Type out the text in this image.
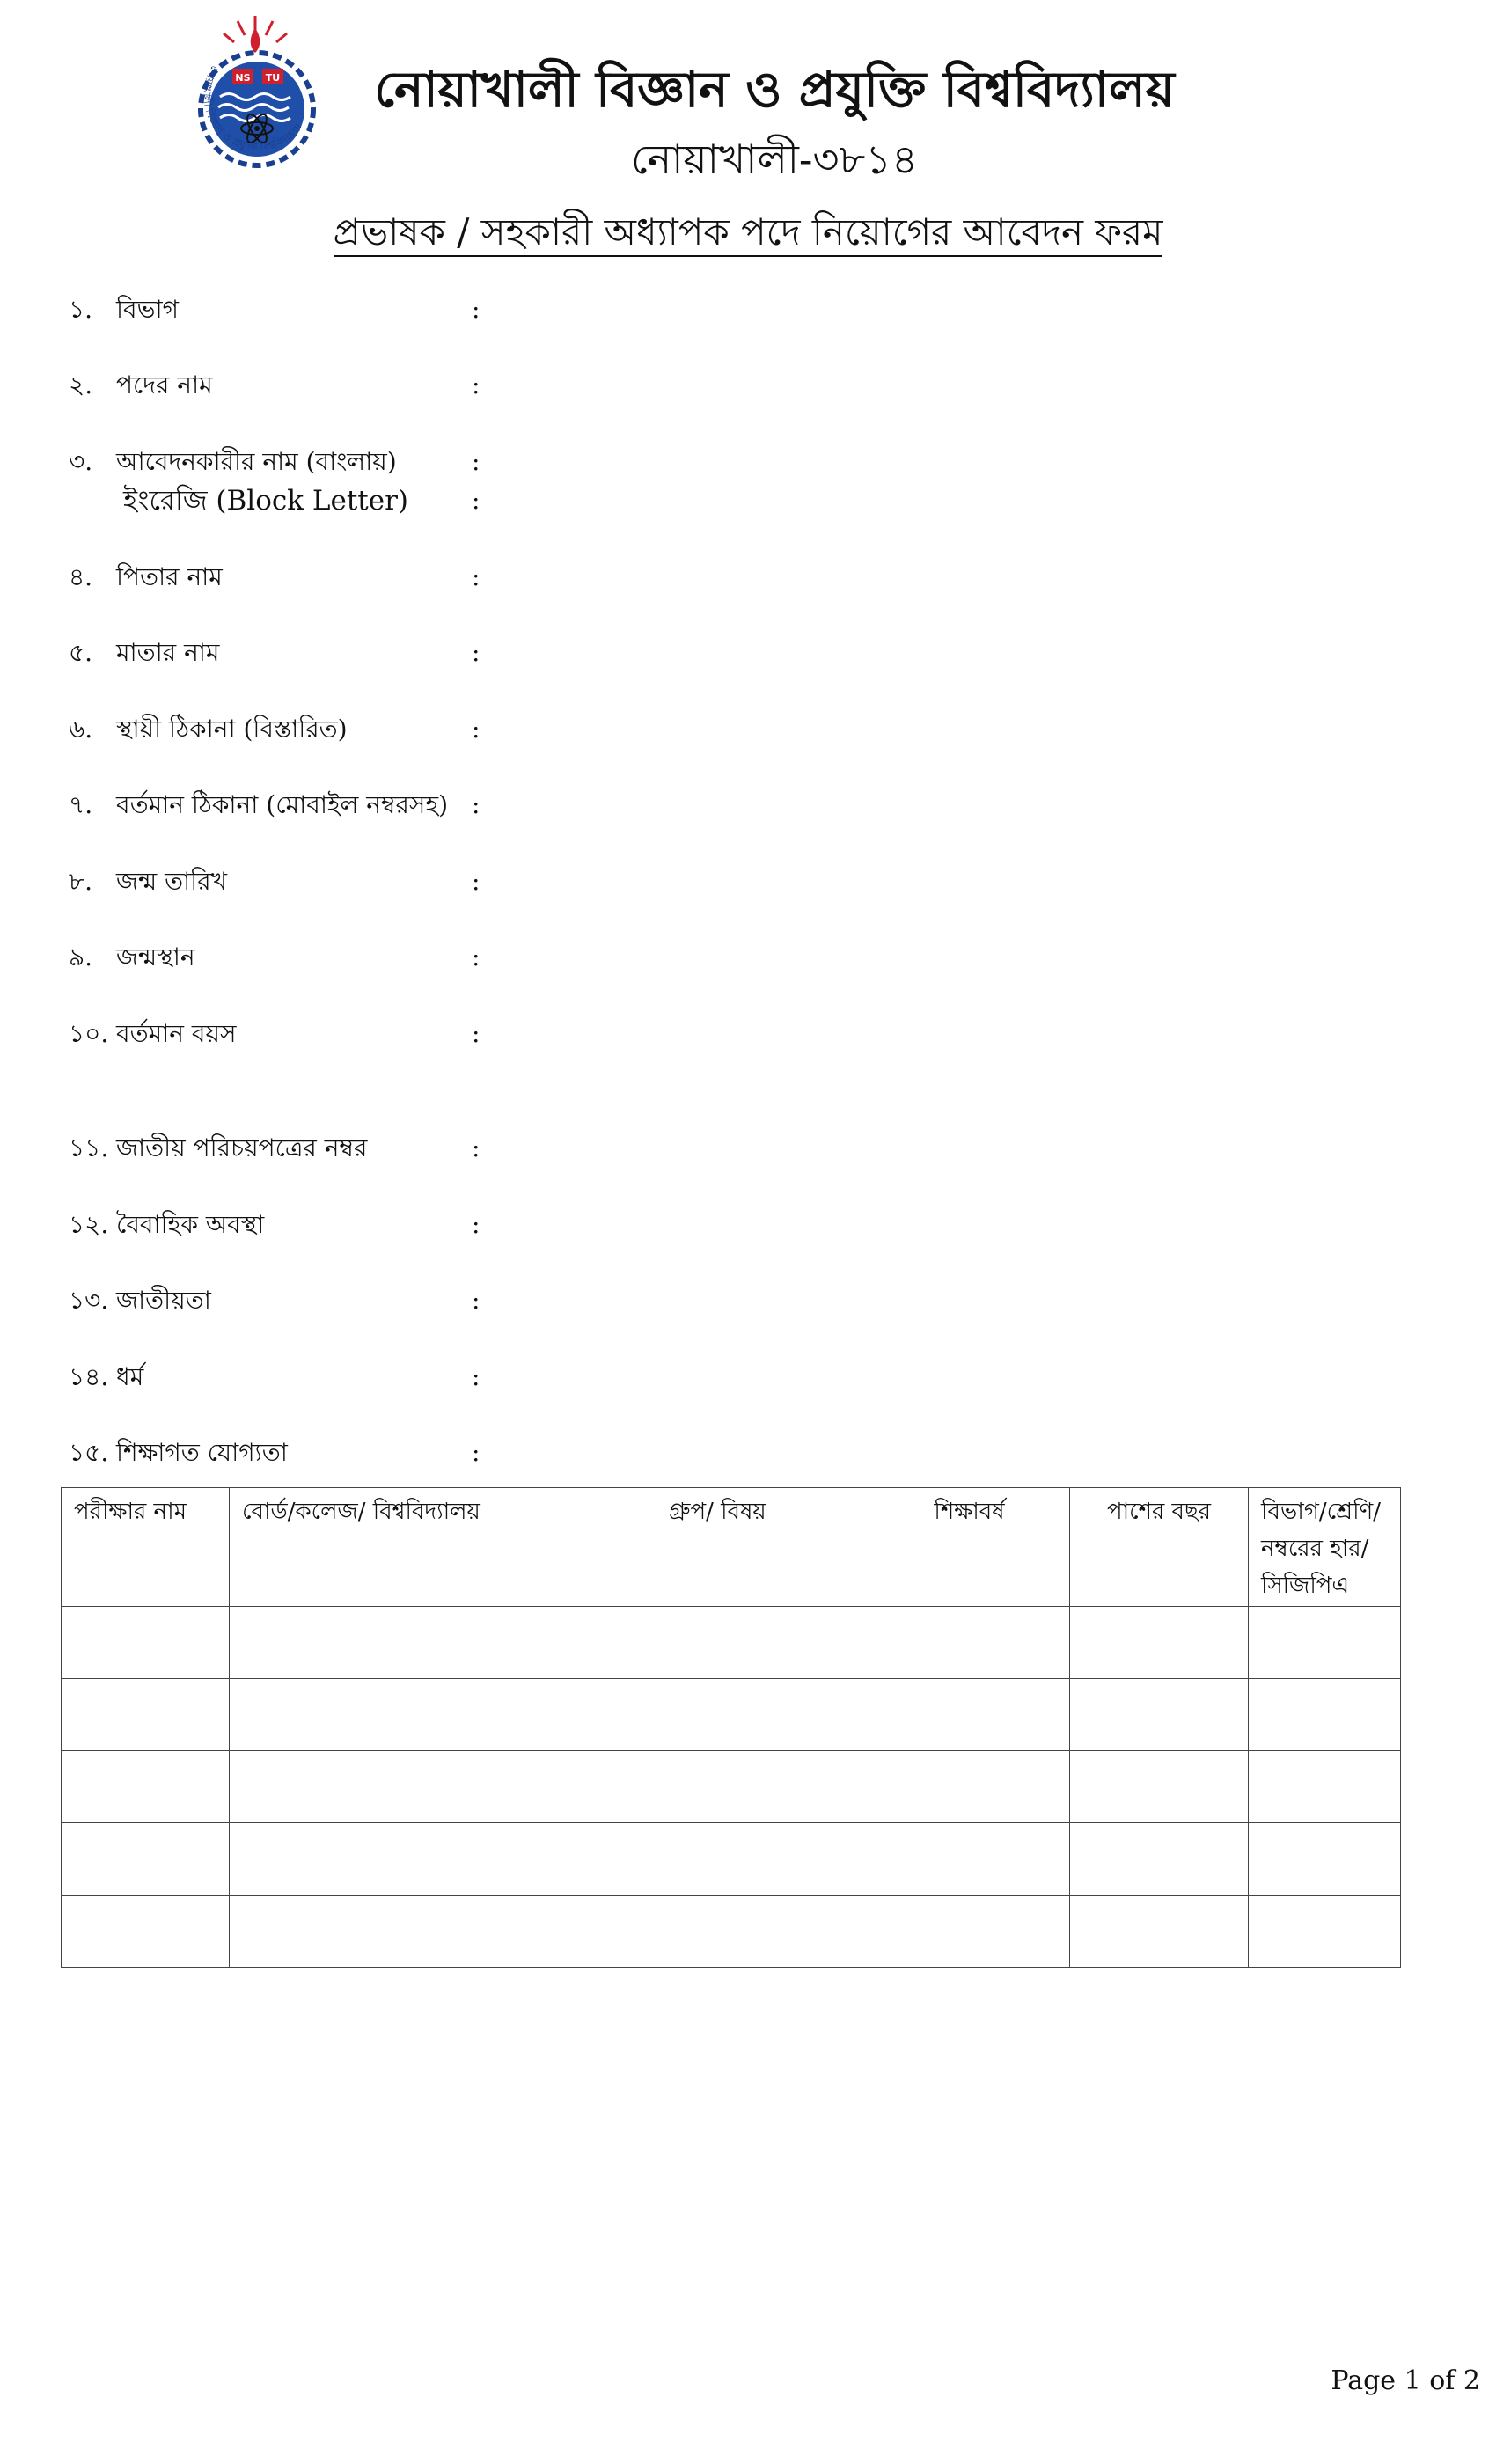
NS TU
নোয়াখালী বিজ্ঞান ও প্রযুক্তি বিশ্ববিদ্যালয়
নোয়াখালী বিজ্ঞান ও প্রযুক্তি বিশ্ববিদ্যালয়
নোয়াখালী-৩৮১৪
প্রভাষক / সহকারী অধ্যাপক পদে নিয়োগের আবেদন ফরম
১. বিভাগ	:
২. পদের নাম	:
৩. আবেদনকারীর নাম (বাংলায়)	:
ইংরেজি (Block Letter)	:
৪. পিতার নাম	:
৫. মাতার নাম	:
৬. স্থায়ী ঠিকানা (বিস্তারিত)	:
৭. বর্তমান ঠিকানা (মোবাইল নম্বরসহ) :
৮. জন্ম তারিখ	:
৯. জন্মস্থান	:
১০. বর্তমান বয়স	:
১১. জাতীয় পরিচয়পত্রের নম্বর	:
১২. বৈবাহিক অবস্থা	:
১৩. জাতীয়তা	:
১৪. ধর্ম	:
১৫. শিক্ষাগত যোগ্যতা	:
পরীক্ষার নাম	বোর্ড/কলেজ/ বিশ্ববিদ্যালয়	গ্রুপ/ বিষয়	শিক্ষাবর্ষ	পাশের বছর	বিভাগ/শ্রেণি/ নম্বরের হার/ সিজিপিএ

Page 1 of 2
